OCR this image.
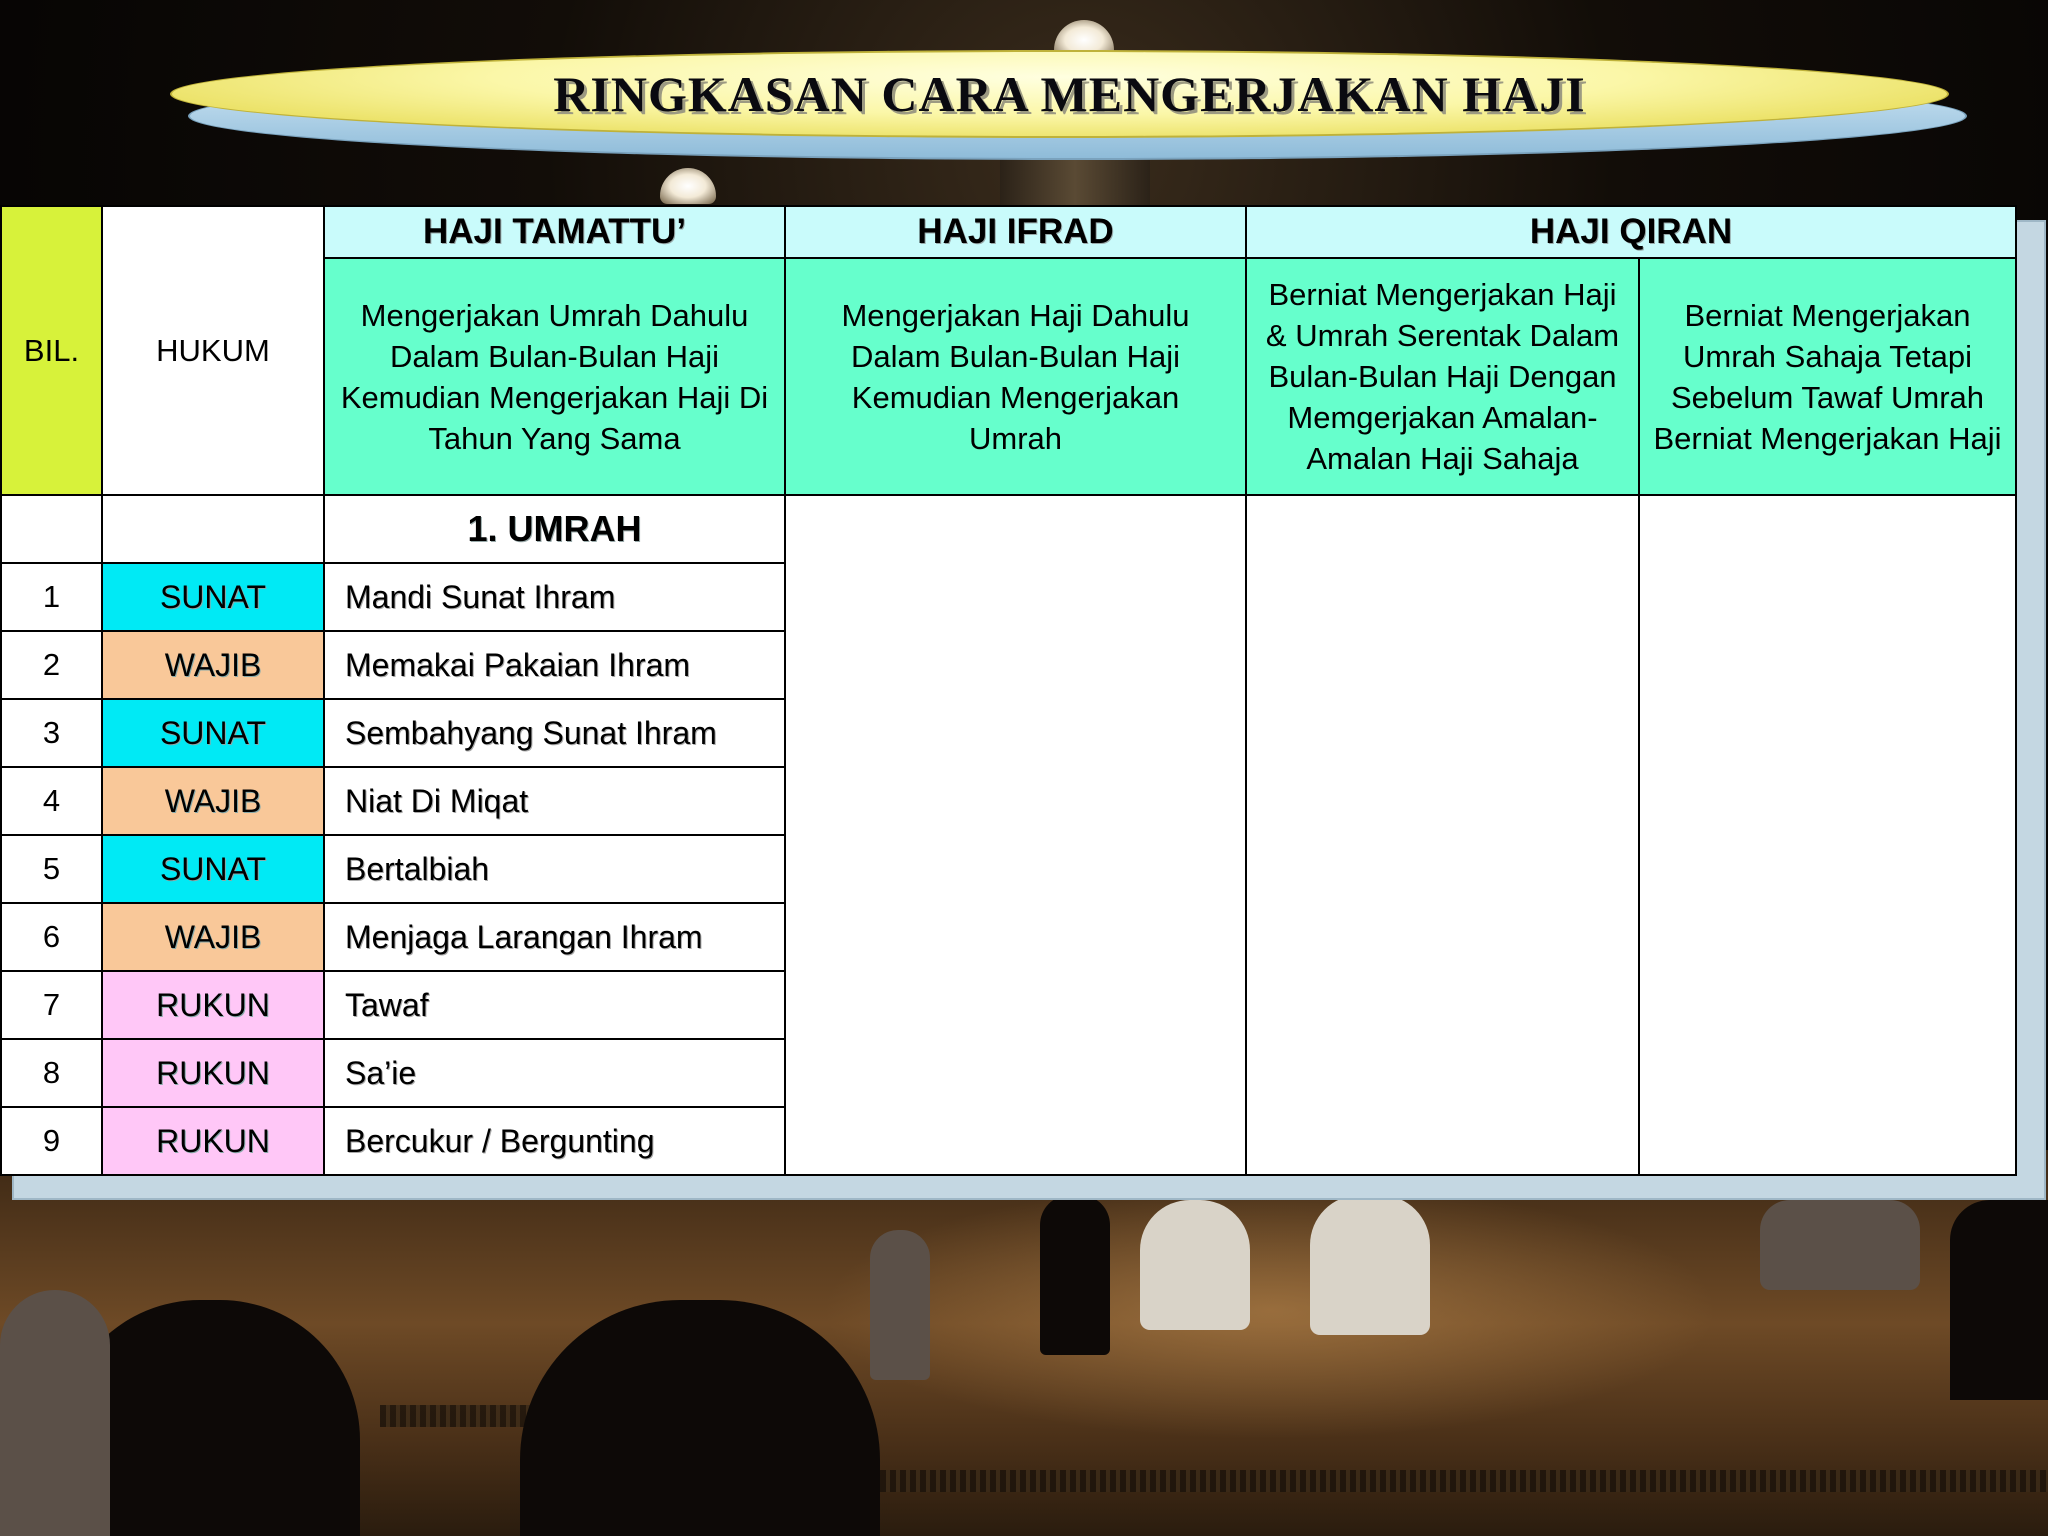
RINGKASAN CARA MENGERJAKAN HAJI
BIL.	HUKUM	HAJI TAMATTU’	HAJI IFRAD	HAJI QIRAN	
		Mengerjakan Umrah Dahulu Dalam Bulan-Bulan Haji Kemudian Mengerjakan Haji Di Tahun Yang Sama	Mengerjakan Haji Dahulu Dalam Bulan-Bulan Haji Kemudian Mengerjakan Umrah	Berniat Mengerjakan Haji & Umrah Serentak Dalam Bulan-Bulan Haji Dengan Memgerjakan Amalan-Amalan Haji Sahaja	Berniat Mengerjakan Umrah Sahaja Tetapi Sebelum Tawaf Umrah Berniat Mengerjakan Haji
		1. UMRAH			
1	SUNAT	Mandi Sunat Ihram			
2	WAJIB	Memakai Pakaian Ihram			
3	SUNAT	Sembahyang Sunat Ihram			
4	WAJIB	Niat Di Miqat			
5	SUNAT	Bertalbiah			
6	WAJIB	Menjaga Larangan Ihram			
7	RUKUN	Tawaf			
8	RUKUN	Sa’ie			
9	RUKUN	Bercukur / Bergunting			
